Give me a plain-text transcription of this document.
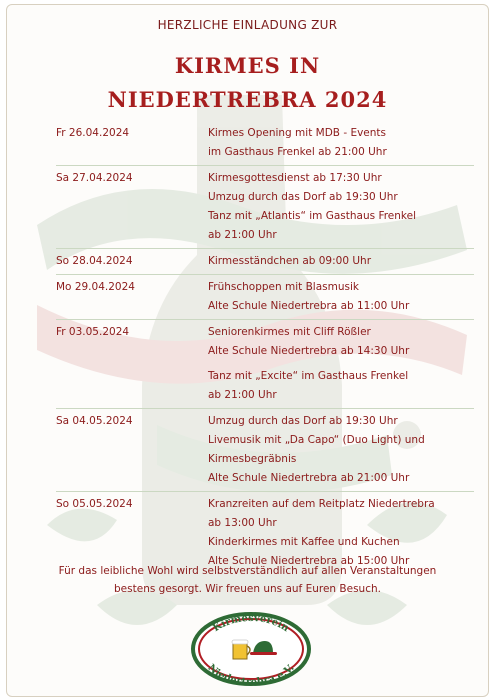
HERZLICHE EINLADUNG ZUR
KIRMES IN
NIEDERTREBRA 2024
Fr 26.04.2024	Kirmes Opening mit MDB - Events
im Gasthaus Frenkel ab 21:00 Uhr
Sa 27.04.2024	Kirmesgottesdienst ab 17:30 Uhr
Umzug durch das Dorf ab 19:30 Uhr
Tanz mit „Atlantis“ im Gasthaus Frenkel
ab 21:00 Uhr
So 28.04.2024	Kirmesständchen ab 09:00 Uhr
Mo 29.04.2024	Frühschoppen mit Blasmusik
Alte Schule Niedertrebra ab 11:00 Uhr
Fr 03.05.2024	Seniorenkirmes mit Cliff Rößler
Alte Schule Niedertrebra ab 14:30 Uhr
Tanz mit „Excite“ im Gasthaus Frenkel
ab 21:00 Uhr
Sa 04.05.2024	Umzug durch das Dorf ab 19:30 Uhr
Livemusik mit „Da Capo“ (Duo Light) und
Kirmesbegräbnis
Alte Schule Niedertrebra ab 21:00 Uhr
So 05.05.2024	Kranzreiten auf dem Reitplatz Niedertrebra
ab 13:00 Uhr
Kinderkirmes mit Kaffee und Kuchen
Alte Schule Niedertrebra ab 15:00 Uhr
Für das leibliche Wohl wird selbstverständlich auf allen Veranstaltungen
bestens gesorgt. Wir freuen uns auf Euren Besuch.
Kirmesverein
Niedertrebra e.V.
